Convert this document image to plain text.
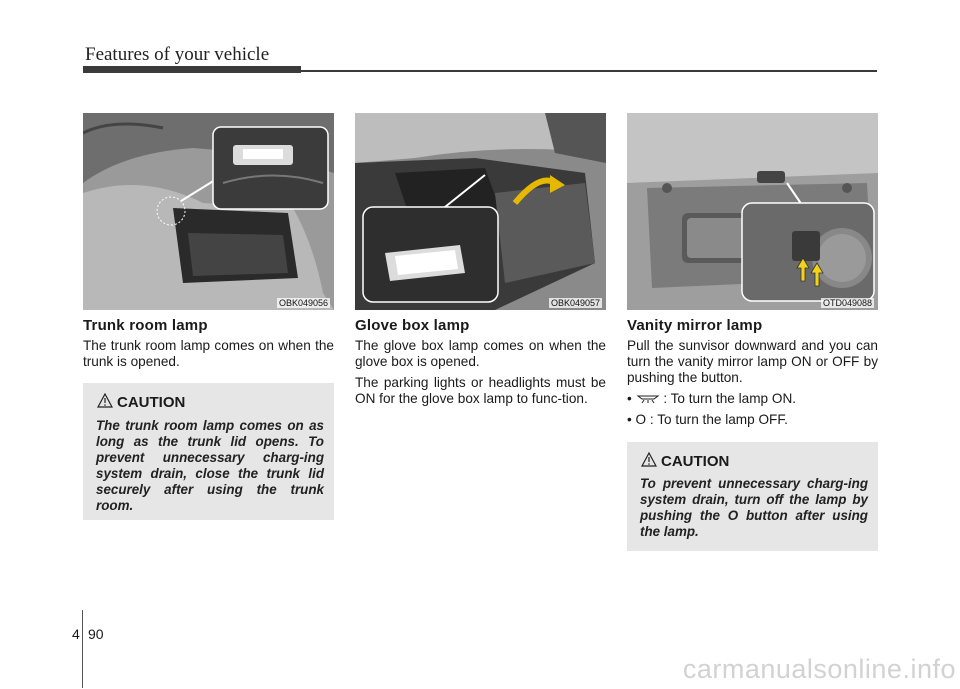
Features of your vehicle
OBK049056
Trunk room lamp

The trunk room lamp comes on when the trunk is opened.

CAUTION
The trunk room lamp comes on as long as the trunk lid opens. To prevent unnecessary charg-ing system drain, close the trunk lid securely after using the trunk room.
OBK049057
Glove box lamp

The glove box lamp comes on when the glove box is opened.

The parking lights or headlights must be ON for the glove box lamp to func-tion.

OTD049088
Vanity mirror lamp

Pull the sunvisor downward and you can turn the vanity mirror lamp ON or OFF by pushing the button.

•  : To turn the lamp ON.

• O : To turn the lamp OFF.

CAUTION
To prevent unnecessary charg-ing system drain, turn off the lamp by pushing the O button after using the lamp.
4 90
carmanualsonline.info
